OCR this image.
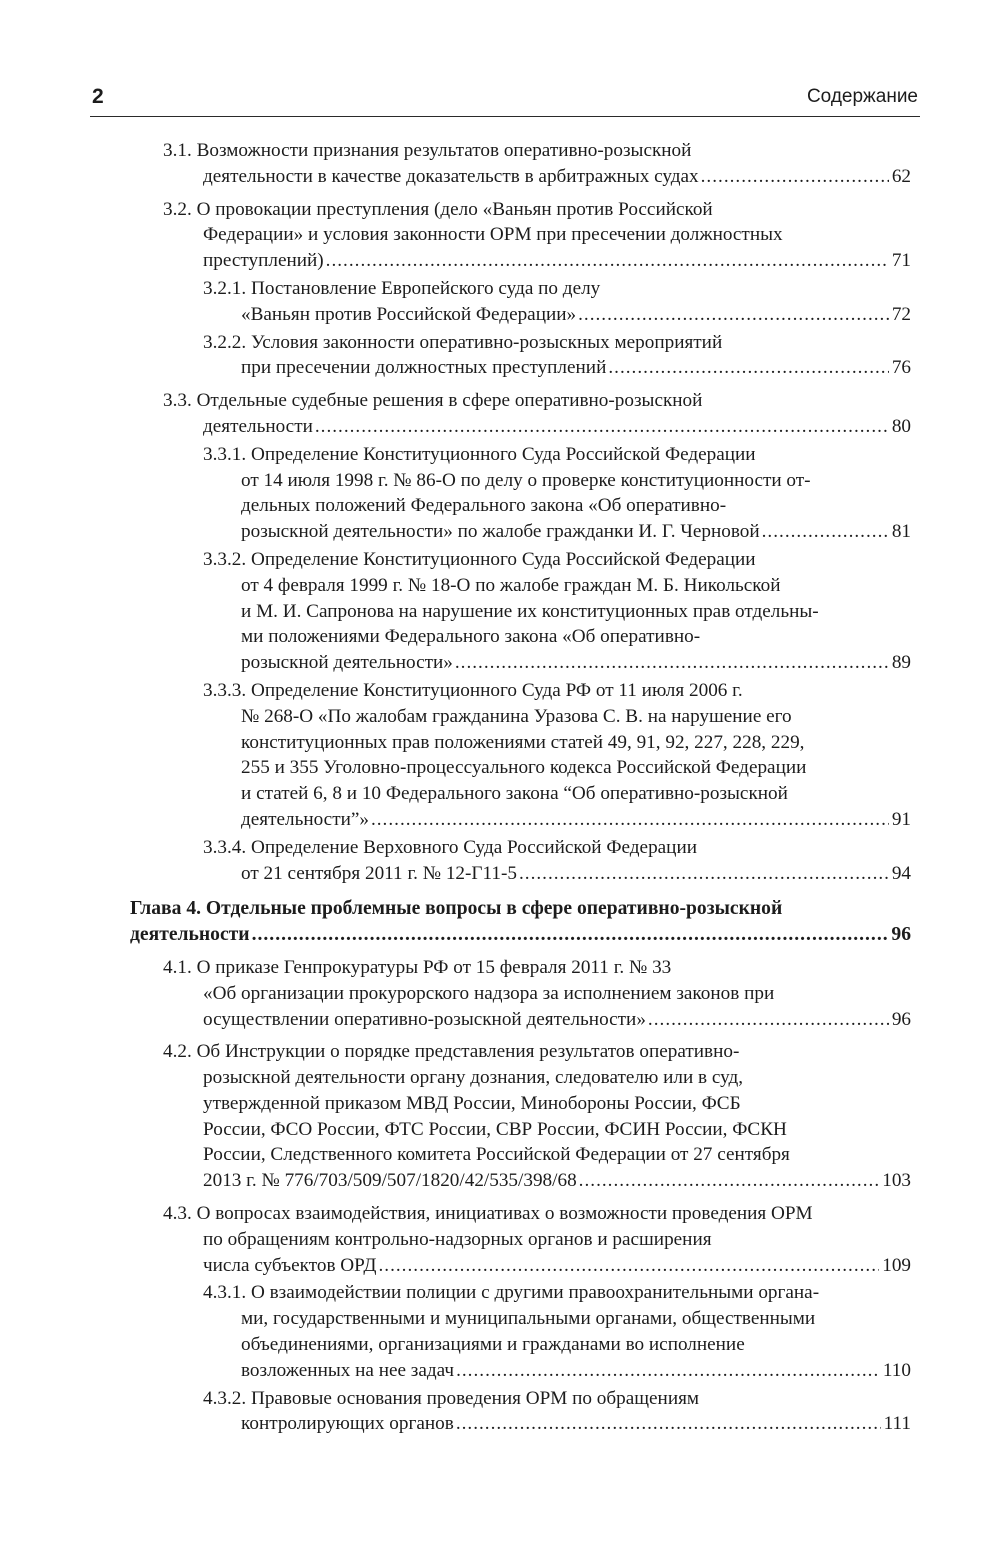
2	Содержание
3.1. Возможности признания результатов оперативно-розыскной
деятельности в качестве доказательств в арбитражных судах .....	62
3.2. О провокации преступления (дело «Ваньян против Российской
Федерации» и условия законности ОРМ при пресечении должностных
преступлений) .....	71
3.2.1. Постановление Европейского суда по делу
«Ваньян против Российской Федерации» .....	72
3.2.2. Условия законности оперативно-розыскных мероприятий
при пресечении должностных преступлений .....	76
3.3. Отдельные судебные решения в сфере оперативно-розыскной
деятельности .....	80
3.3.1. Определение Конституционного Суда Российской Федерации
от 14 июля 1998 г. № 86-О по делу о проверке конституционности от-
дельных положений Федерального закона «Об оперативно-
розыскной деятельности» по жалобе гражданки И. Г. Черновой .....	81
3.3.2. Определение Конституционного Суда Российской Федерации
от 4 февраля 1999 г. № 18-О по жалобе граждан М. Б. Никольской
и М. И. Сапронова на нарушение их конституционных прав отдельны-
ми положениями Федерального закона «Об оперативно-
розыскной деятельности» .....	89
3.3.3. Определение Конституционного Суда РФ от 11 июля 2006 г.
№ 268-О «По жалобам гражданина Уразова С. В. на нарушение его
конституционных прав положениями статей 49, 91, 92, 227, 228, 229,
255 и 355 Уголовно-процессуального кодекса Российской Федерации
и статей 6, 8 и 10 Федерального закона “Об оперативно-розыскной
деятельности”» .....	91
3.3.4. Определение Верховного Суда Российской Федерации
от 21 сентября 2011 г. № 12-Г11-5 .....	94
Глава 4. Отдельные проблемные вопросы в сфере оперативно-розыскной
деятельности .....	96
4.1. О приказе Генпрокуратуры РФ от 15 февраля 2011 г. № 33
«Об организации прокурорского надзора за исполнением законов при
осуществлении оперативно-розыскной деятельности» .....	96
4.2. Об Инструкции о порядке представления результатов оперативно-
розыскной деятельности органу дознания, следователю или в суд,
утвержденной приказом МВД России, Минобороны России, ФСБ
России, ФСО России, ФТС России, СВР России, ФСИН России, ФСКН
России, Следственного комитета Российской Федерации от 27 сентября
2013 г. № 776/703/509/507/1820/42/535/398/68 .....	103
4.3. О вопросах взаимодействия, инициативах о возможности проведения ОРМ
по обращениям контрольно-надзорных органов и расширения
числа субъектов ОРД .....	109
4.3.1. О взаимодействии полиции с другими правоохранительными органа-
ми, государственными и муниципальными органами, общественными
объединениями, организациями и гражданами во исполнение
возложенных на нее задач .....	110
4.3.2. Правовые основания проведения ОРМ по обращениям
контролирующих органов .....	111
